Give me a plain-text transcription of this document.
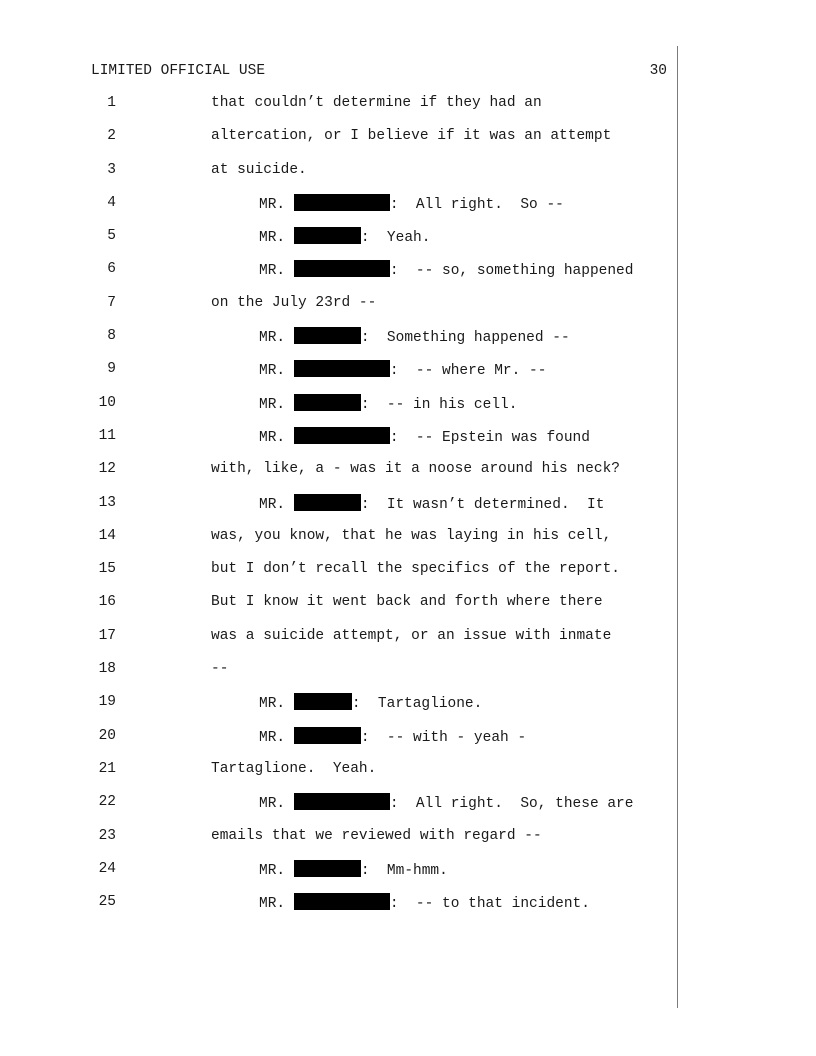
LIMITED OFFICIAL USE	30
1	that couldn’t determine if they had an
2	altercation, or I believe if it was an attempt
3	at suicide.
4	MR.	:  All right.  So --
5	MR.	:  Yeah.
6	MR.	:  -- so, something happened
7	on the July 23rd --
8	MR.	:  Something happened --
9	MR.	:  -- where Mr. --
10	MR.	:  -- in his cell.
11	MR.	:  -- Epstein was found
12	with, like, a - was it a noose around his neck?
13	MR.	:  It wasn’t determined.  It
14	was, you know, that he was laying in his cell,
15	but I don’t recall the specifics of the report.
16	But I know it went back and forth where there
17	was a suicide attempt, or an issue with inmate
18	--
19	MR.	:  Tartaglione.
20	MR.	:  -- with - yeah -
21	Tartaglione.  Yeah.
22	MR.	:  All right.  So, these are
23	emails that we reviewed with regard --
24	MR.	:  Mm-hmm.
25	MR.	:  -- to that incident.
